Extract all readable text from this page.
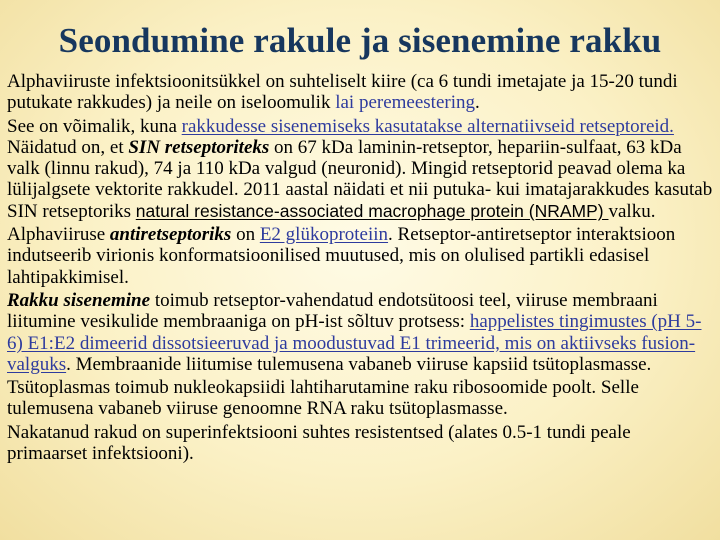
Seondumine rakule ja sisenemine rakku

Alphaviiruste infektsioonitsükkel on suhteliselt kiire (ca 6 tundi imetajate ja 15-20 tundi putukate rakkudes) ja neile on iseloomulik lai peremeestering.

See on võimalik, kuna rakkudesse sisenemiseks kasutatakse alternatiivseid retseptoreid. Näidatud on, et SIN retseptoriteks on 67 kDa laminin-retseptor, hepariin-sulfaat, 63 kDa valk (linnu rakud), 74 ja 110 kDa valgud (neuronid). Mingid retseptorid peavad olema ka lülijalgsete vektorite rakkudel. 2011 aastal näidati et nii putuka- kui imatajarakkudes kasutab SIN retseptoriks natural resistance-associated macrophage protein (NRAMP) valku.

Alphaviiruse antiretseptoriks on E2 glükoproteiin. Retseptor-antiretseptor interaktsioon indutseerib virionis konformatsioonilised muutused, mis on olulised partikli edasisel lahtipakkimisel.

Rakku sisenemine toimub retseptor-vahendatud endotsütoosi teel, viiruse membraani liitumine vesikulide membraaniga on pH-ist sõltuv protsess: happelistes tingimustes (pH 5-6) E1:E2 dimeerid dissotsieeruvad ja moodustuvad E1 trimeerid, mis on aktiivseks fusion-valguks. Membraanide liitumise tulemusena vabaneb viiruse kapsiid tsütoplasmasse.

Tsütoplasmas toimub nukleokapsiidi lahtiharutamine raku ribosoomide poolt. Selle tulemusena vabaneb viiruse genoomne RNA raku tsütoplasmasse.

Nakatanud rakud on superinfektsiooni suhtes resistentsed (alates 0.5-1 tundi peale primaarset infektsiooni).
